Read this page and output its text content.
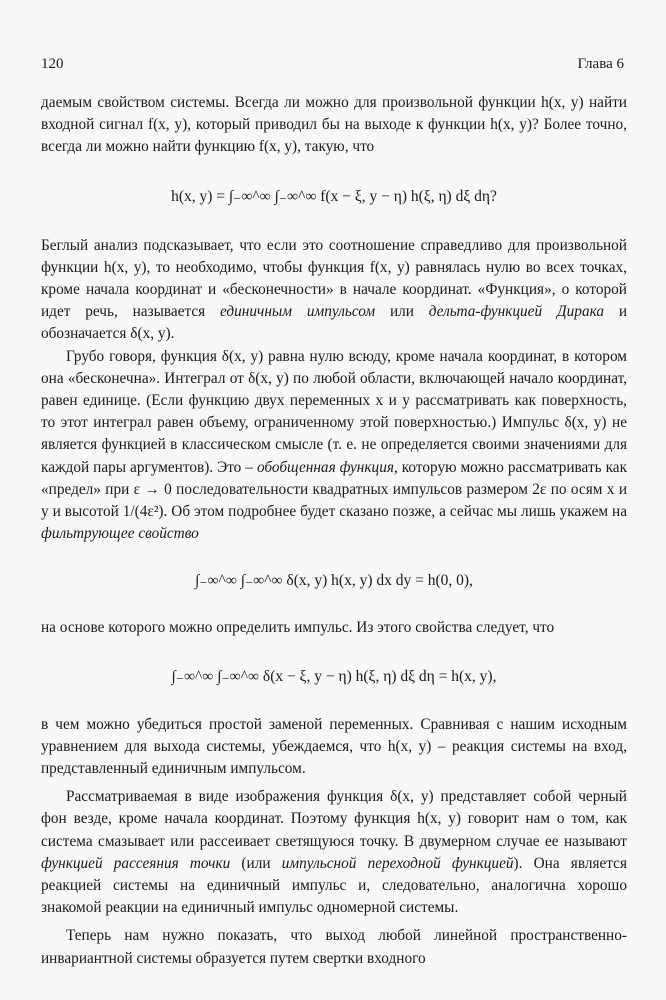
120	Глава 6

даемым свойством системы. Всегда ли можно для произвольной функции h(x, y) найти входной сигнал f(x, y), который приводил бы на выходе к функции h(x, y)? Более точно, всегда ли можно найти функцию f(x, y), такую, что

h(x, y) = ∫₋∞^∞ ∫₋∞^∞ f(x − ξ, y − η) h(ξ, η) dξ dη?

Беглый анализ подсказывает, что если это соотношение справедливо для произвольной функции h(x, y), то необходимо, чтобы функция f(x, y) равнялась нулю во всех точках, кроме начала координат и «бесконечности» в начале координат. «Функция», о которой идет речь, называется единичным импульсом или дельта-функцией Дирака и обозначается δ(x, y).

Грубо говоря, функция δ(x, y) равна нулю всюду, кроме начала координат, в котором она «бесконечна». Интеграл от δ(x, y) по любой области, включающей начало координат, равен единице. (Если функцию двух переменных x и y рассматривать как поверхность, то этот интеграл равен объему, ограниченному этой поверхностью.) Импульс δ(x, y) не является функцией в классическом смысле (т. е. не определяется своими значениями для каждой пары аргументов). Это – обобщенная функция, которую можно рассматривать как «предел» при ε → 0 последовательности квадратных импульсов размером 2ε по осям x и y и высотой 1/(4ε²). Об этом подробнее будет сказано позже, а сейчас мы лишь укажем на фильтрующее свойство

∫₋∞^∞ ∫₋∞^∞ δ(x, y) h(x, y) dx dy = h(0, 0),

на основе которого можно определить импульс. Из этого свойства следует, что

∫₋∞^∞ ∫₋∞^∞ δ(x − ξ, y − η) h(ξ, η) dξ dη = h(x, y),

в чем можно убедиться простой заменой переменных. Сравнивая с нашим исходным уравнением для выхода системы, убеждаемся, что h(x, y) – реакция системы на вход, представленный единичным импульсом.

Рассматриваемая в виде изображения функция δ(x, y) представляет собой черный фон везде, кроме начала координат. Поэтому функция h(x, y) говорит нам о том, как система смазывает или рассеивает светящуюся точку. В двумерном случае ее называют функцией рассеяния точки (или импульсной переходной функцией). Она является реакцией системы на единичный импульс и, следовательно, аналогична хорошо знакомой реакции на единичный импульс одномерной системы.

Теперь нам нужно показать, что выход любой линейной пространственно-инвариантной системы образуется путем свертки входного
